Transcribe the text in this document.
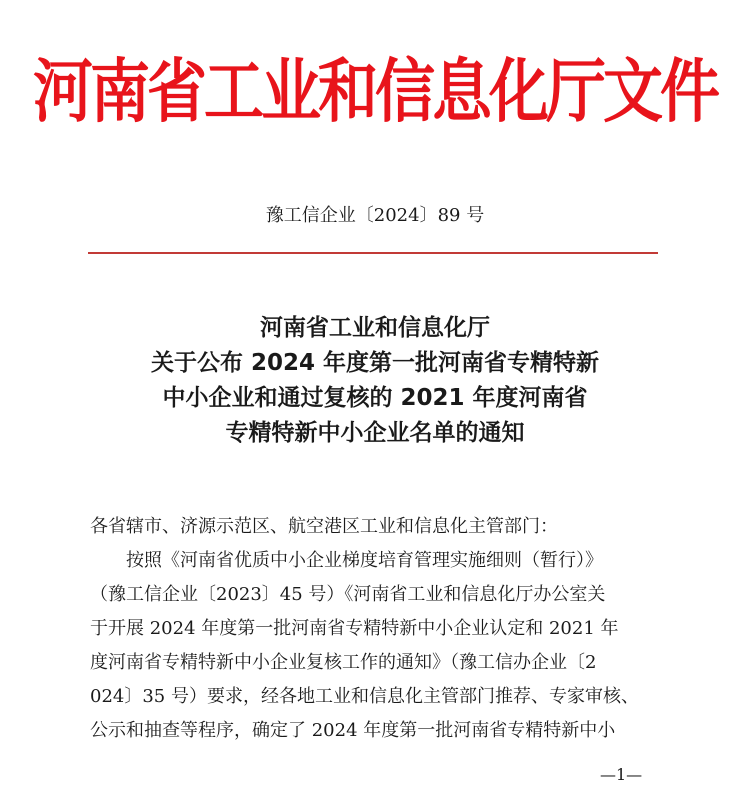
河南省工业和信息化厅文件
豫工信企业〔2024〕89 号
河南省工业和信息化厅
关于公布 2024 年度第一批河南省专精特新
中小企业和通过复核的 2021 年度河南省
专精特新中小企业名单的通知
各省辖市、济源示范区、航空港区工业和信息化主管部门：
按照《河南省优质中小企业梯度培育管理实施细则（暂行）》
（豫工信企业〔2023〕45 号）《河南省工业和信息化厅办公室关
于开展 2024 年度第一批河南省专精特新中小企业认定和 2021 年
度河南省专精特新中小企业复核工作的通知》（豫工信办企业〔2
024〕35 号）要求，经各地工业和信息化主管部门推荐、专家审核、
公示和抽查等程序，确定了 2024 年度第一批河南省专精特新中小
—1—
